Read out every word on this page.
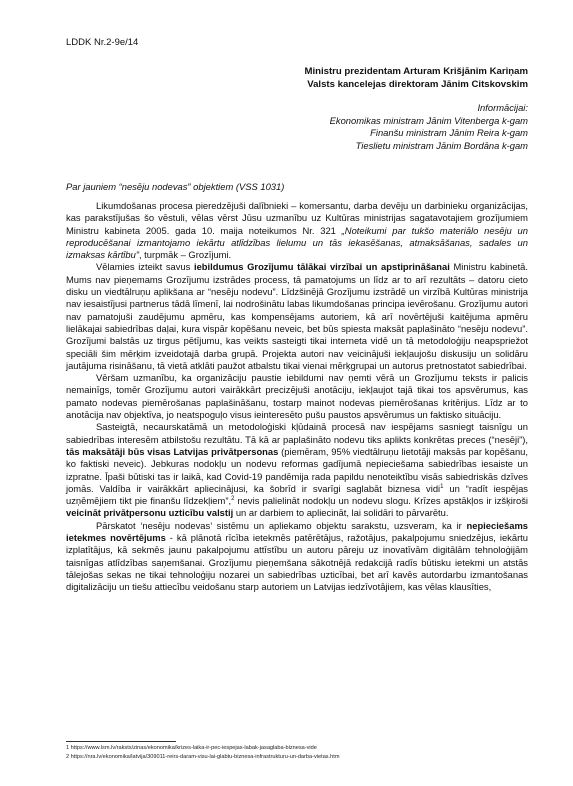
LDDK Nr.2-9e/14
Ministru prezidentam Arturam Krišjānim Kariņam
Valsts kancelejas direktoram Jānim Citskovskim
Informācijai:
Ekonomikas ministram Jānim Vitenberga k-gam
Finanšu ministram Jānim Reira k-gam
Tieslietu ministram Jānim Bordāna k-gam
Par jauniem “nesēju nodevas” objektiem (VSS 1031)

Likumdošanas procesa pieredzējuši dalībnieki – komersantu, darba devēju un darbinieku organizācijas, kas parakstījušas šo vēstuli, vēlas vērst Jūsu uzmanību uz Kultūras ministrijas sagatavotajiem grozījumiem Ministru kabineta 2005. gada 10. maija noteikumos Nr. 321 „Noteikumi par tukšo materiālo nesēju un reproducēšanai izmantojamo iekārtu atlīdzības lielumu un tās iekasēšanas, atmaksāšanas, sadales un izmaksas kārtību”, turpmāk – Grozījumi.

Vēlamies izteikt savus iebildumus Grozījumu tālākai virzībai un apstiprināšanai Ministru kabinetā. Mums nav pieņemams Grozījumu izstrādes process, tā pamatojums un līdz ar to arī rezultāts – datoru cieto disku un viedtālruņu aplikšana ar “nesēju nodevu”. Līdzšinējā Grozījumu izstrādē un virzībā Kultūras ministrija nav iesaistījusi partnerus tādā līmenī, lai nodrošinātu labas likumdošanas principa ievērošanu. Grozījumu autori nav pamatojuši zaudējumu apmēru, kas kompensējams autoriem, kā arī novērtējuši kaitējuma apmēru lielākajai sabiedrības daļai, kura vispār kopēšanu neveic, bet būs spiesta maksāt paplašināto “nesēju nodevu”. Grozījumi balstās uz tirgus pētījumu, kas veikts sasteigti tikai interneta vidē un tā metodoloģiju neapspriežot speciāli šim mērķim izveidotajā darba grupā. Projekta autori nav veicinājuši iekļaujošu diskusiju un solidāru jautājuma risināšanu, tā vietā atklāti paužot atbalstu tikai vienai mērķgrupai un autorus pretnostatot sabiedrībai.

Vēršam uzmanību, ka organizāciju paustie iebildumi nav ņemti vērā un Grozījumu teksts ir palicis nemainīgs, tomēr Grozījumu autori vairākkārt precizējuši anotāciju, iekļaujot tajā tikai tos apsvērumus, kas pamato nodevas piemērošanas paplašināšanu, tostarp mainot nodevas piemērošanas kritērijus. Līdz ar to anotācija nav objektīva, jo neatspoguļo visus ieinteresēto pušu paustos apsvērumus un faktisko situāciju.

Sasteigtā, necaurskatāmā un metodoloģiski kļūdainā procesā nav iespējams sasniegt taisnīgu un sabiedrības interesēm atbilstošu rezultātu. Tā kā ar paplašināto nodevu tiks aplikts konkrētas preces (“nesēji”), tās maksātāji būs visas Latvijas privātpersonas (piemēram, 95% viedtālruņu lietotāji maksās par kopēšanu, ko faktiski neveic). Jebkuras nodokļu un nodevu reformas gadījumā nepieciešama sabiedrības iesaiste un izpratne. Īpaši būtiski tas ir laikā, kad Covid-19 pandēmija rada papildu nenoteiktību visās sabiedriskās dzīves jomās. Valdība ir vairākkārt apliecinājusi, ka šobrīd ir svarīgi saglabāt biznesa vidi$^1$ un “radīt iespējas uzņēmējiem tikt pie finanšu līdzekļiem”,$^2$ nevis palielināt nodokļu un nodevu slogu. Krīzes apstākļos ir izšķiroši veicināt privātpersonu uzticību valstij un ar darbiem to apliecināt, lai solidāri to pārvarētu.

Pārskatot ‘nesēju nodevas’ sistēmu un apliekamo objektu sarakstu, uzsveram, ka ir nepieciešams ietekmes novērtējums - kā plānotā rīcība ietekmēs patērētājus, ražotājus, pakalpojumu sniedzējus, iekārtu izplatītājus, kā sekmēs jaunu pakalpojumu attīstību un autoru pāreju uz inovatīvām digitālām tehnoloģijām taisnīgas atlīdzības saņemšanai. Grozījumu pieņemšana sākotnējā redakcijā radīs būtisku ietekmi un atstās tālejošas sekas ne tikai tehnoloģiju nozarei un sabiedrības uzticībai, bet arī kavēs autordarbu izmantošanas digitalizāciju un tiešu attiecību veidošanu starp autoriem un Latvijas iedzīvotājiem, kas vēlas klausīties,

1 https://www.lsm.lv/raksts/zinas/ekonomika/krizes-laika-ir-pec-iespejas-labak-jasaglaba-biznesa-vide
2 https://nra.lv/ekonomika/latvija/309011-reirs-daram-visu-lai-glabtu-biznesa-infrastrukturu-un-darba-vietas.htm
